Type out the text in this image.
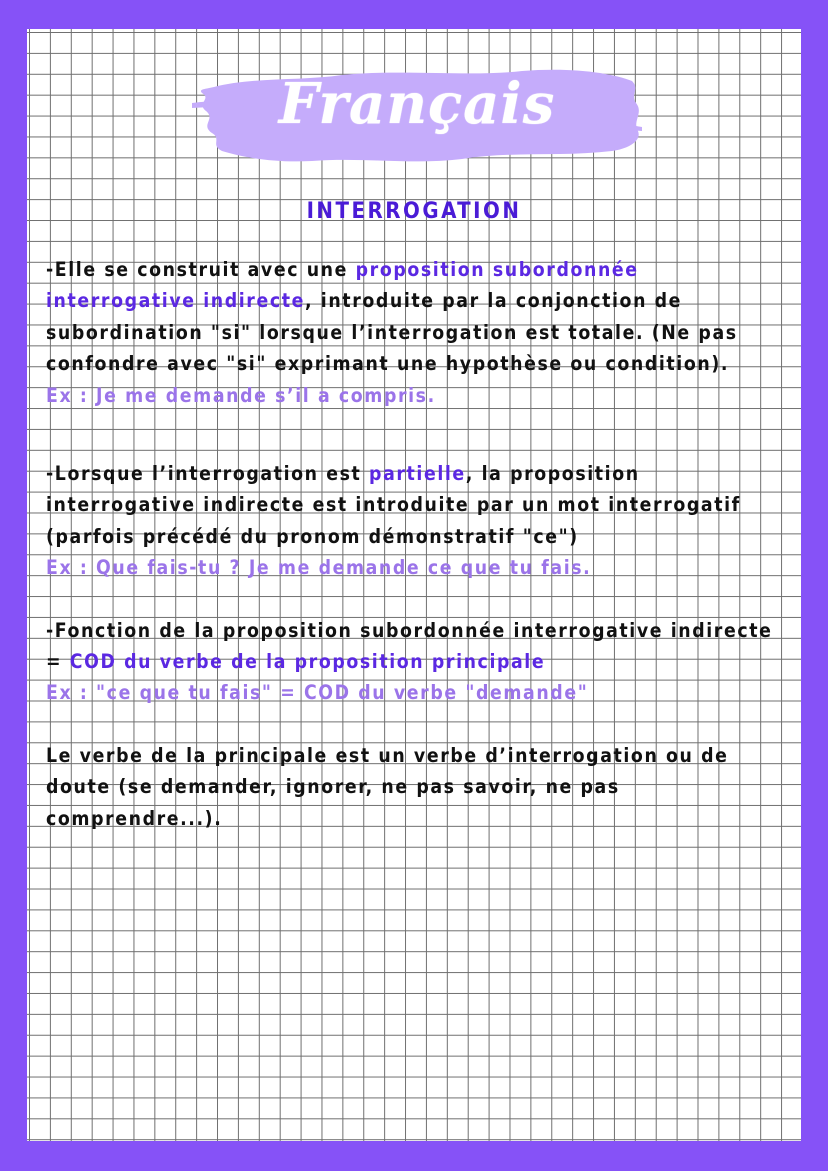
Français
INTERROGATION

-Elle se construit avec une proposition subordonnée interrogative indirecte, introduite par la conjonction de subordination "si" lorsque l’interrogation est totale. (Ne pas confondre avec "si" exprimant une hypothèse ou condition).

Ex : Je me demande s’il a compris.

-Lorsque l’interrogation est partielle, la proposition interrogative indirecte est introduite par un mot interrogatif (parfois précédé du pronom démonstratif "ce")

Ex : Que fais-tu ? Je me demande ce que tu fais.

-Fonction de la proposition subordonnée interrogative indirecte = COD du verbe de la proposition principale

Ex : "ce que tu fais" = COD du verbe "demande"

Le verbe de la principale est un verbe d’interrogation ou de doute (se demander, ignorer, ne pas savoir, ne pas comprendre...).
